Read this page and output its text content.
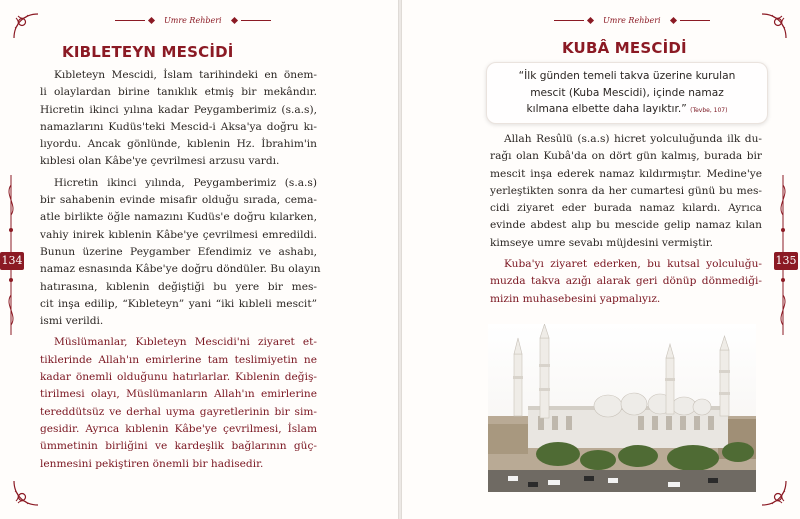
Umre Rehberi
134
KIBLETEYN MESCİDİ

Kıbleteyn Mescidi, İslam tarihindeki en önem-
li olaylardan birine tanıklık etmiş bir mekândır.
Hicretin ikinci yılına kadar Peygamberimiz (s.a.s),
namazlarını Kudüs'teki Mescid-i Aksa'ya doğru kı-
lıyordu. Ancak gönlünde, kıblenin Hz. İbrahim'in
kıblesi olan Kâbe'ye çevrilmesi arzusu vardı.

Hicretin ikinci yılında, Peygamberimiz (s.a.s)
bir sahabenin evinde misafir olduğu sırada, cema-
atle birlikte öğle namazını Kudüs'e doğru kılarken,
vahiy inirek kıblenin Kâbe'ye çevrilmesi emredildi.
Bunun üzerine Peygamber Efendimiz ve ashabı,
namaz esnasında Kâbe'ye doğru döndüler. Bu olayın
hatırasına, kıblenin değiştiği bu yere bir mes-
cit inşa edilip, “Kıbleteyn” yani “iki kıbleli mescit”
ismi verildi.

Müslümanlar, Kıbleteyn Mescidi'ni ziyaret et-
tiklerinde Allah'ın emirlerine tam teslimiyetin ne
kadar önemli olduğunu hatırlarlar. Kıblenin değiş-
tirilmesi olayı, Müslümanların Allah'ın emirlerine
tereddütsüz ve derhal uyma gayretlerinin bir sim-
gesidir. Ayrıca kıblenin Kâbe'ye çevrilmesi, İslam
ümmetinin birliğini ve kardeşlik bağlarının güç-
lenmesini pekiştiren önemli bir hadisedir.

Umre Rehberi
135
KUBÂ MESCİDİ
“İlk günden temeli takva üzerine kurulan
mescit (Kuba Mescidi), içinde namaz
kılmana elbette daha layıktır.” (Tevbe, 107)

Allah Resûlü (s.a.s) hicret yolculuğunda ilk du-
rağı olan Kubâ'da on dört gün kalmış, burada bir
mescit inşa ederek namaz kıldırmıştır. Medine'ye
yerleştikten sonra da her cumartesi günü bu mes-
cidi ziyaret eder burada namaz kılardı. Ayrıca
evinde abdest alıp bu mescide gelip namaz kılan
kimseye umre sevabı müjdesini vermiştir.

Kuba'yı ziyaret ederken, bu kutsal yolculuğu-
muzda takva azığı alarak geri dönüp dönmediği-
mizin muhasebesini yapmalıyız.
